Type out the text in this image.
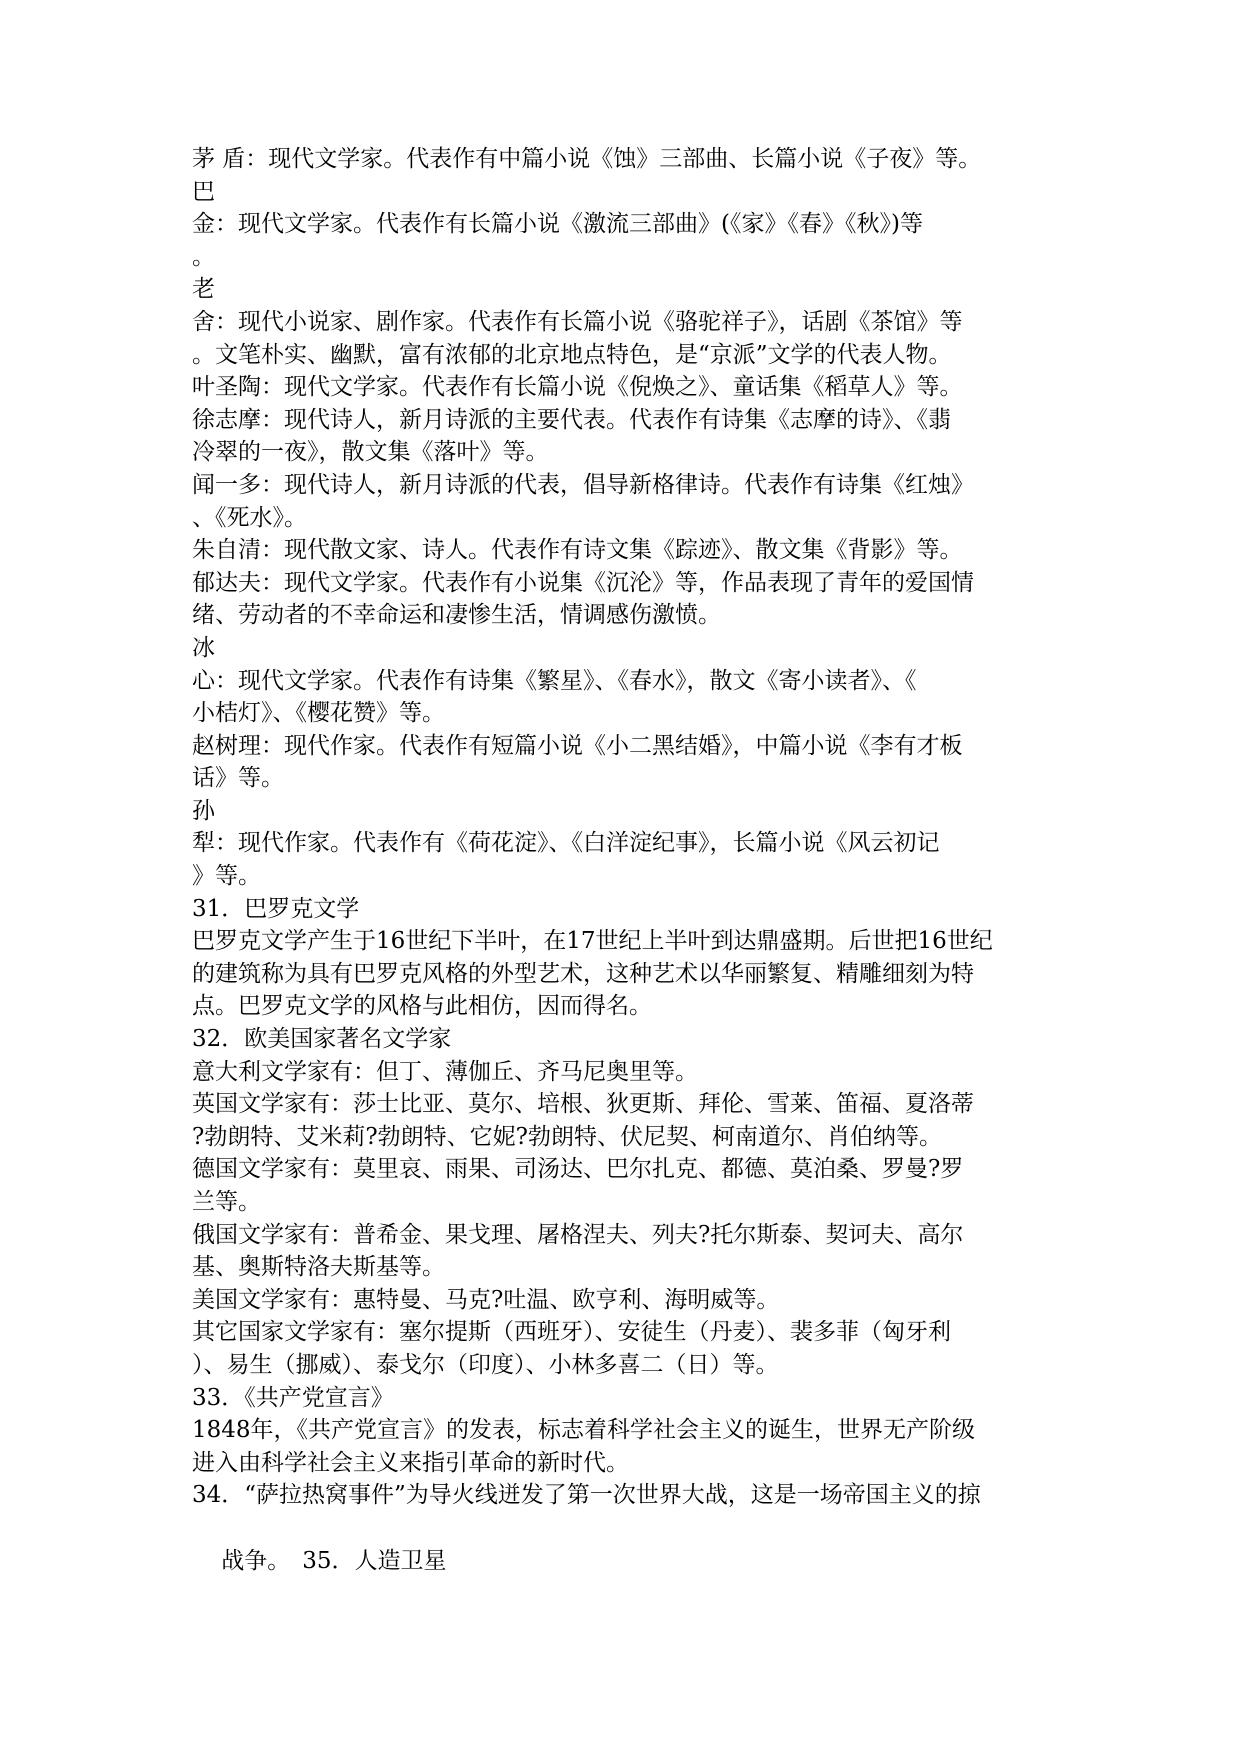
茅 盾：现代文学家。代表作有中篇小说《蚀》三部曲、长篇小说《子夜》等。
巴
金：现代文学家。代表作有长篇小说《激流三部曲》(《家》《春》《秋》)等
。
老
舍：现代小说家、剧作家。代表作有长篇小说《骆驼祥子》，话剧《茶馆》等
。文笔朴实、幽默，富有浓郁的北京地点特色，是“京派”文学的代表人物。
叶圣陶：现代文学家。代表作有长篇小说《倪焕之》、童话集《稻草人》等。
徐志摩：现代诗人，新月诗派的主要代表。代表作有诗集《志摩的诗》、《翡
冷翠的一夜》，散文集《落叶》等。
闻一多：现代诗人，新月诗派的代表，倡导新格律诗。代表作有诗集《红烛》
、《死水》。
朱自清：现代散文家、诗人。代表作有诗文集《踪迹》、散文集《背影》等。
郁达夫：现代文学家。代表作有小说集《沉沦》等，作品表现了青年的爱国情
绪、劳动者的不幸命运和凄惨生活，情调感伤激愤。
冰
心：现代文学家。代表作有诗集《繁星》、《春水》，散文《寄小读者》、《
小桔灯》、《樱花赞》等。
赵树理：现代作家。代表作有短篇小说《小二黑结婚》，中篇小说《李有才板
话》等。
孙
犁：现代作家。代表作有《荷花淀》、《白洋淀纪事》，长篇小说《风云初记
》等。
31．巴罗克文学
巴罗克文学产生于16世纪下半叶，在17世纪上半叶到达鼎盛期。后世把16世纪
的建筑称为具有巴罗克风格的外型艺术，这种艺术以华丽繁复、精雕细刻为特
点。巴罗克文学的风格与此相仿，因而得名。
32．欧美国家著名文学家
意大利文学家有：但丁、薄伽丘、齐马尼奥里等。
英国文学家有：莎士比亚、莫尔、培根、狄更斯、拜伦、雪莱、笛福、夏洛蒂
?勃朗特、艾米莉?勃朗特、它妮?勃朗特、伏尼契、柯南道尔、肖伯纳等。
德国文学家有：莫里哀、雨果、司汤达、巴尔扎克、都德、莫泊桑、罗曼?罗
兰等。
俄国文学家有：普希金、果戈理、屠格涅夫、列夫?托尔斯泰、契诃夫、高尔
基、奥斯特洛夫斯基等。
美国文学家有：惠特曼、马克?吐温、欧亨利、海明威等。
其它国家文学家有：塞尔提斯（西班牙）、安徒生（丹麦）、裴多菲（匈牙利
）、易生（挪威）、泰戈尔（印度）、小林多喜二（日）等。
33．《共产党宣言》
1848年，《共产党宣言》的发表，标志着科学社会主义的诞生，世界无产阶级
进入由科学社会主义来指引革命的新时代。
34．“萨拉热窝事件”为导火线迸发了第一次世界大战，这是一场帝国主义的掠

战争。 35．人造卫星
